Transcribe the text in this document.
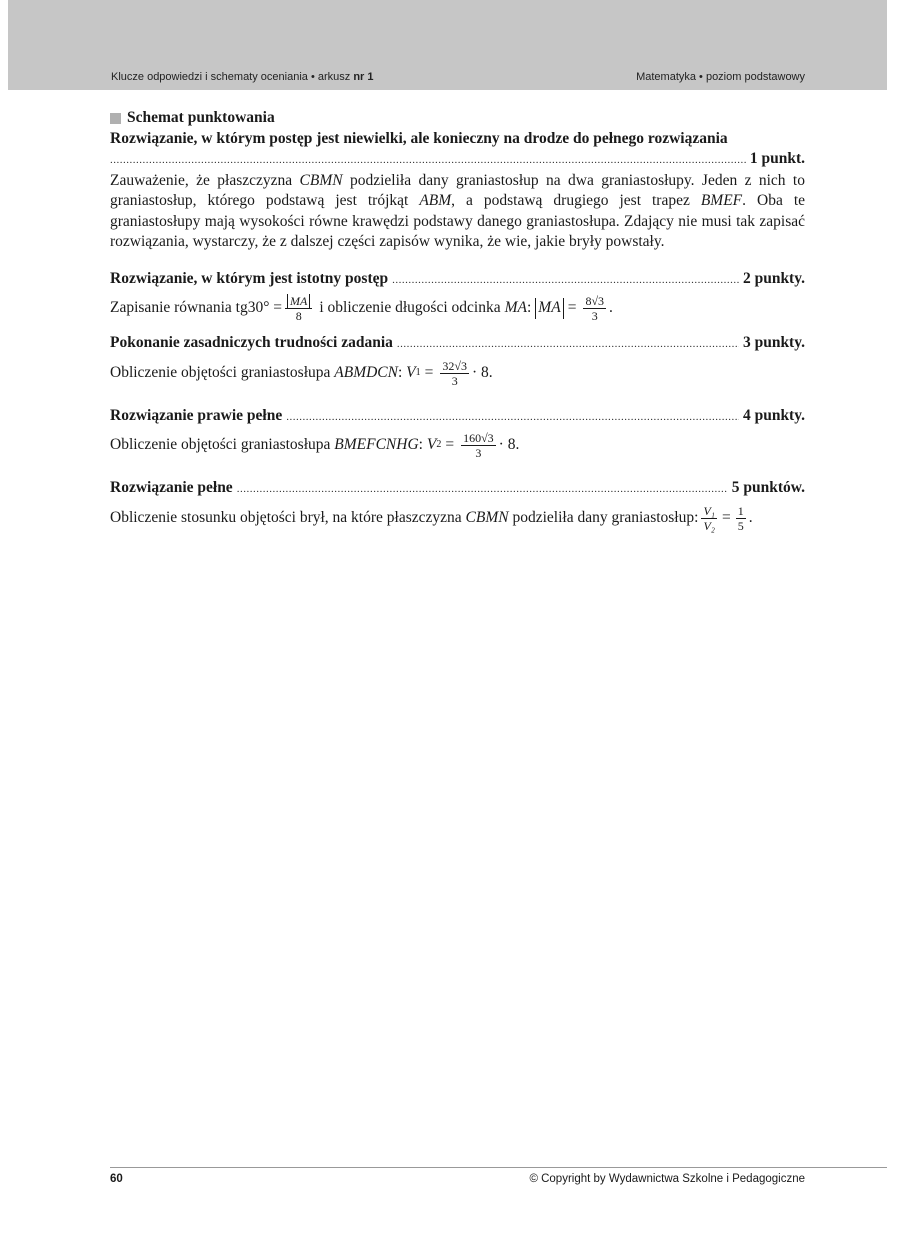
Klucze odpowiedzi i schematy oceniania • arkusz nr 1	Matematyka • poziom podstawowy
Schemat punktowania
Rozwiązanie, w którym postęp jest niewielki, ale konieczny na drodze do pełnego rozwiązania
.....
1 punkt.
Zauważenie, że płaszczyzna CBMN podzieliła dany graniastosłup na dwa graniastosłupy. Jeden z nich to graniastosłup, którego podstawą jest trójkąt ABM, a podstawą drugiego jest trapez BMEF. Oba te graniastosłupy mają wysokości równe krawędzi podstawy danego graniastosłupa. Zdający nie musi tak zapisać rozwiązania, wystarczy, że z dalszej części zapisów wynika, że wie, jakie bryły powstały.
Rozwiązanie, w którym jest istotny postęp .....	2 punkty.
Zapisanie równania $tg30^\circ = \frac{MA}{8}$ i obliczenie długości odcinka MA : MA = $\frac{8√3}{3}$ .
Pokonanie zasadniczych trudności zadania .....	3 punkty.
Obliczenie objętości graniastosłupa
ABMDCN : V $1 = \frac{32√3}{3} \cdot 8$.
Rozwiązanie prawie pełne .....	4 punkty.
Obliczenie objętości graniastosłupa
BMEFCNHG : V $2 = \frac{160√3}{3} \cdot 8$.
Rozwiązanie pełne .....	5 punktów.
Obliczenie stosunku objętości brył, na które płaszczyzna
CBMN
podzieliła dany graniastosłup: $\frac{\text{V₁}}{\text{V₂}} = \frac{1}{5}$ .
60	© Copyright by Wydawnictwa Szkolne i Pedagogiczne
